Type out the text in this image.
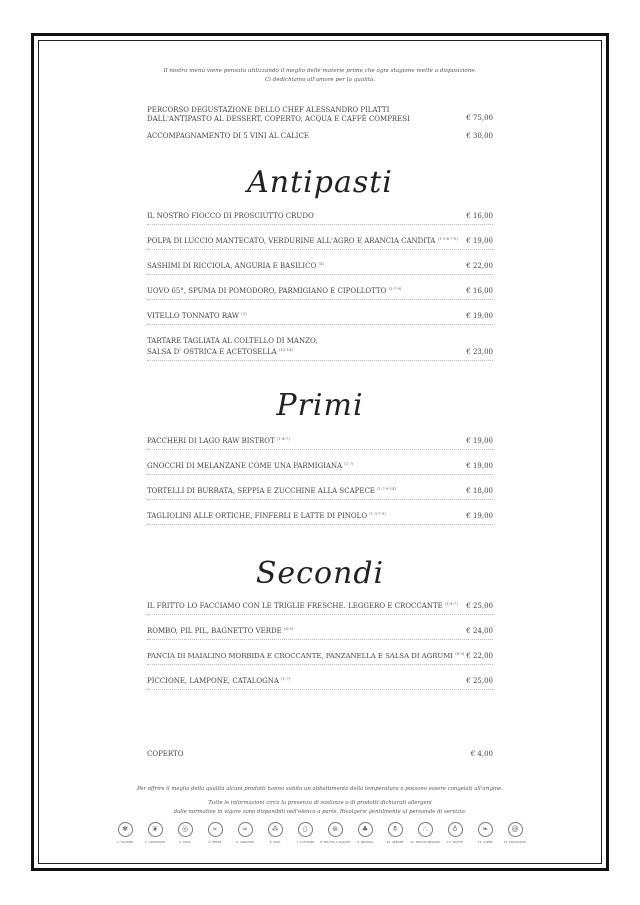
Il nostro menù viene pensato utilizzando il meglio delle materie prime che ogni stagione mette a disposizione.
Ci dedichiamo all'amore per la qualità.
PERCORSO DEGUSTAZIONE DELLO CHEF ALESSANDRO PILATTI
DALL'ANTIPASTO AL DESSERT, COPERTO, ACQUA E CAFFÈ COMPRESI	€ 75,00
ACCOMPAGNAMENTO DI 5 VINI AL CALICE	€ 30,00
Antipasti
IL NOSTRO FIOCCO DI PROSCIUTTO CRUDO	€ 16,00
POLPA DI LUCCIO MANTECATO, VERDURINE ALL'AGRO E ARANCIA CANDITA $^{(1-3-4-7-9)}$ € 19,00
SASHIMI DI RICCIOLA, ANGURIA E BASILICO $^{(4)}$	€ 22,00
UOVO 65°, SPUMA DI POMODORO, PARMIGIANO E CIPOLLOTTO $^{(3-7-9)}$	€ 16,00
VITELLO TONNATO RAW $^{(3)}$	€ 19,00
TARTARE TAGLIATA AL COLTELLO DI MANZO,
SALSA D' OSTRICA E ACETOSELLA $^{(10-14)}$	€ 23,00
Primi
PACCHERI DI LAGO RAW BISTROT $^{(1-4-7)}$	€ 19,00
GNOCCHI DI MELANZANE COME UNA PARMIGIANA $^{(1-7)}$	€ 19,00
TORTELLI DI BURRATA, SEPPIA E ZUCCHINE ALLA SCAPECE $^{(1-7-9-14)}$	€ 18,00
TAGLIOLINI ALLE ORTICHE, FINFERLI E LATTE DI PINOLO $^{(1-3-7-9)}$	€ 19,00
Secondi
IL FRITTO LO FACCIAMO CON LE TRIGLIE FRESCHE. LEGGERO E CROCCANTE $^{(1-4-7)}$ € 25,00
ROMBO, PIL PIL, BAGNETTO VERDE $^{(4-9)}$	€ 24,00
PANCIA DI MAIALINO MORBIDA E CROCCANTE, PANZANELLA E SALSA DI AGRUMI $^{(8-9)}$ € 22,00
PICCIONE, LAMPONE, CATALOGNA $^{(1-7)}$	€ 25,00
COPERTO	€ 4,00
Per offrire il meglio della qualità alcuni prodotti hanno subito un abbattimento della temperatura o possono essere congelati all'origine.
Tutte le informazioni circa la presenza di sostanze o di prodotti dichiarati allergeni
dalle normative in vigore sono disponibili nell'elenco a parte. Rivolgersi gentilmente al personale di servizio.
✾
1. GLUTINE
❦
2. CROSTACEI
◎
3. UOVA
∝
4. PESCE
∞
5. ARACHIDI
⁂
6. SOIA
▯
7. LATTICINI
⊛
8. FRUTTA A GUSCIO
♣
9. SEDANO
⚱
10. SENAPE
∴
11. SEMI DI SESAMO
♁
12. SOLFITI
❧
13. LUPINI
@
14. MOLLUSCHI
